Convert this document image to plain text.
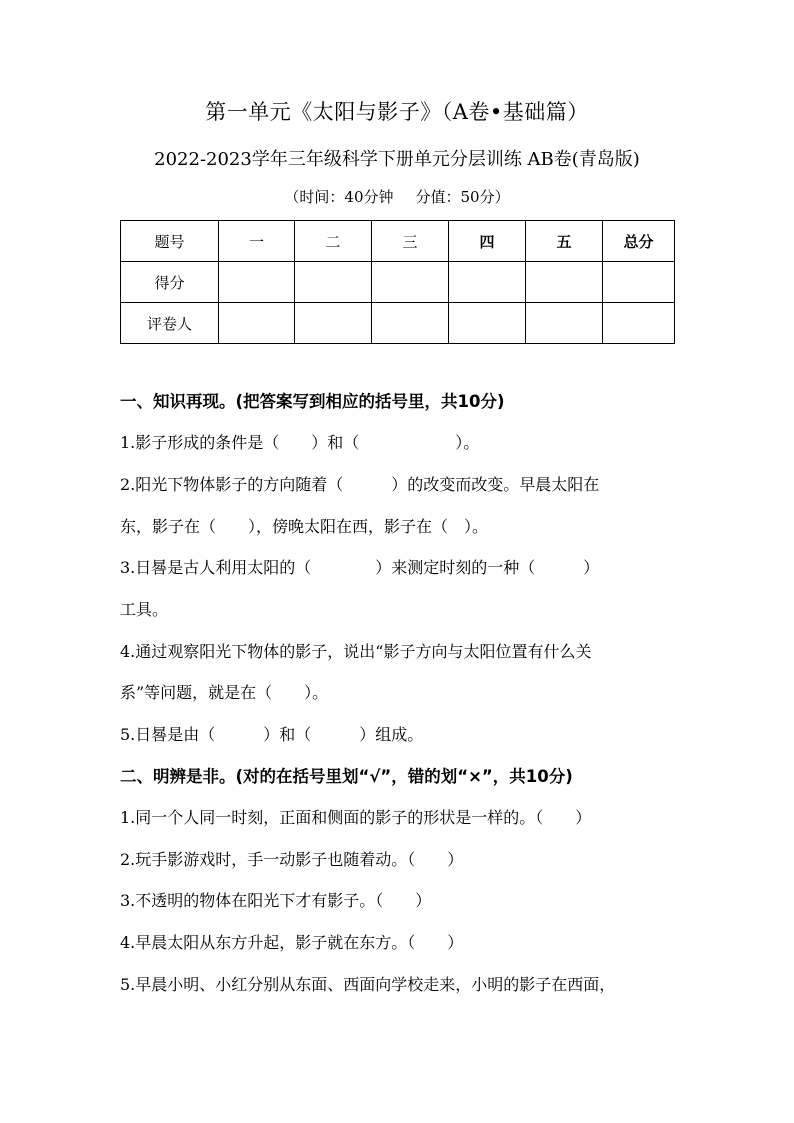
第一单元《太阳与影子》（A卷•基础篇）
2022-2023学年三年级科学下册单元分层训练 AB卷(青岛版)
（时间：40分钟 分值：50分）
题号	一	二	三	四	五	总分
得分						
评卷人						
一、知识再现。(把答案写到相应的括号里，共10分)
1.影子形成的条件是（　　）和（　　　　　　）。
2.阳光下物体影子的方向随着（　　　）的改变而改变。早晨太阳在
东，影子在（　　），傍晚太阳在西，影子在（　）。
3.日晷是古人利用太阳的（　　　　）来测定时刻的一种（　　　）
工具。
4.通过观察阳光下物体的影子，说出“影子方向与太阳位置有什么关
系”等问题，就是在（　　）。
5.日晷是由（　　　）和（　　　）组成。
二、明辨是非。(对的在括号里划“√”，错的划“×”，共10分)
1.同一个人同一时刻，正面和侧面的影子的形状是一样的。（　　）
2.玩手影游戏时，手一动影子也随着动。（　　）
3.不透明的物体在阳光下才有影子。（　　）
4.早晨太阳从东方升起，影子就在东方。（　　）
5.早晨小明、小红分别从东面、西面向学校走来，小明的影子在西面，
